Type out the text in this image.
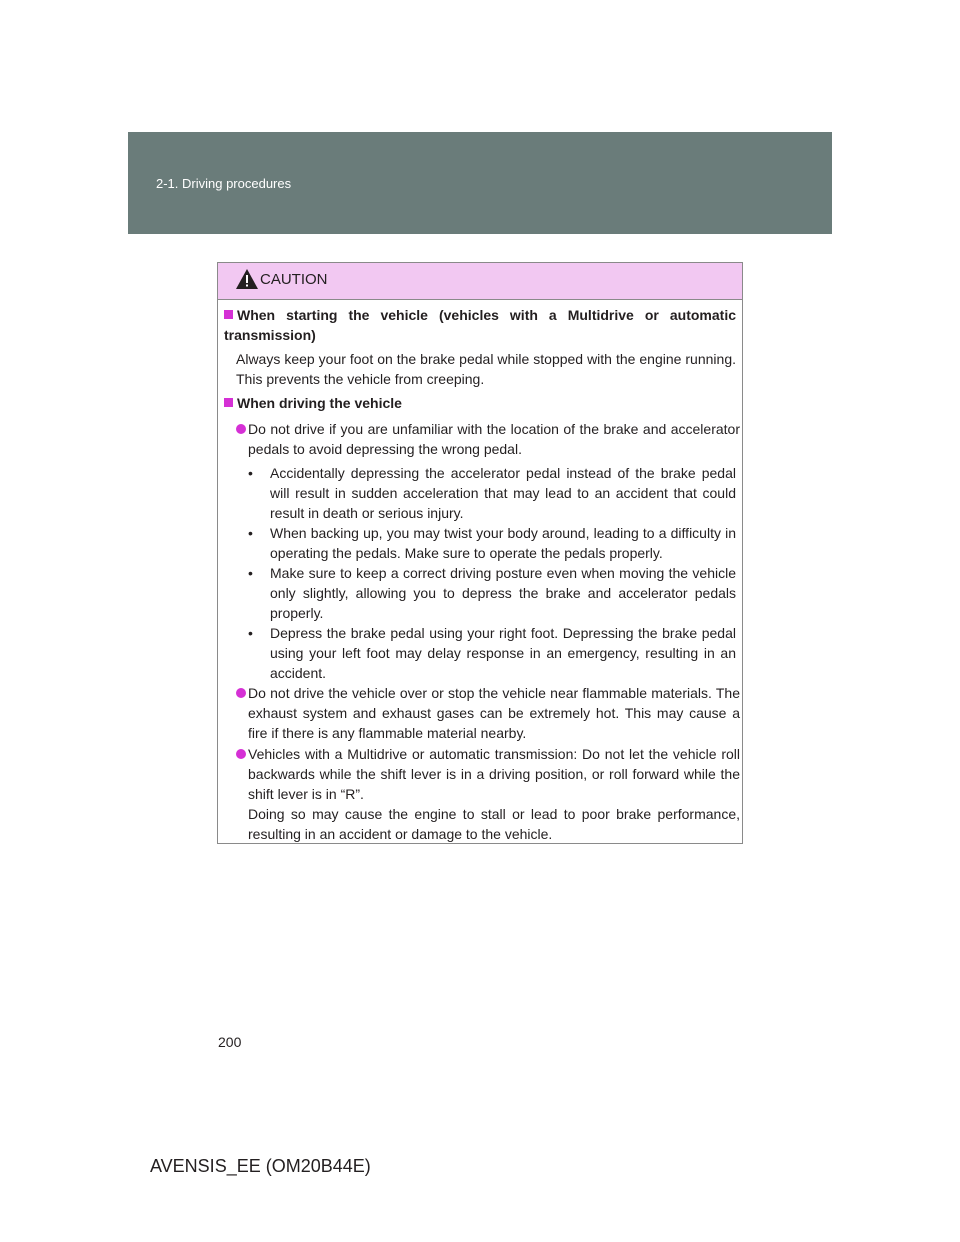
2-1. Driving procedures
CAUTION
When starting the vehicle (vehicles with a Multidrive or automatic transmission)
Always keep your foot on the brake pedal while stopped with the engine running. This prevents the vehicle from creeping.
When driving the vehicle
Do not drive if you are unfamiliar with the location of the brake and accelerator pedals to avoid depressing the wrong pedal.
• Accidentally depressing the accelerator pedal instead of the brake pedal will result in sudden acceleration that may lead to an accident that could result in death or serious injury.
• When backing up, you may twist your body around, leading to a difficulty in operating the pedals. Make sure to operate the pedals properly.
• Make sure to keep a correct driving posture even when moving the vehicle only slightly, allowing you to depress the brake and accelerator pedals properly.
• Depress the brake pedal using your right foot. Depressing the brake pedal using your left foot may delay response in an emergency, resulting in an accident.
Do not drive the vehicle over or stop the vehicle near flammable materials. The exhaust system and exhaust gases can be extremely hot. This may cause a fire if there is any flammable material nearby.
Vehicles with a Multidrive or automatic transmission: Do not let the vehicle roll backwards while the shift lever is in a driving position, or roll forward while the shift lever is in “R”.
Doing so may cause the engine to stall or lead to poor brake performance, resulting in an accident or damage to the vehicle.
200
AVENSIS_EE (OM20B44E)
